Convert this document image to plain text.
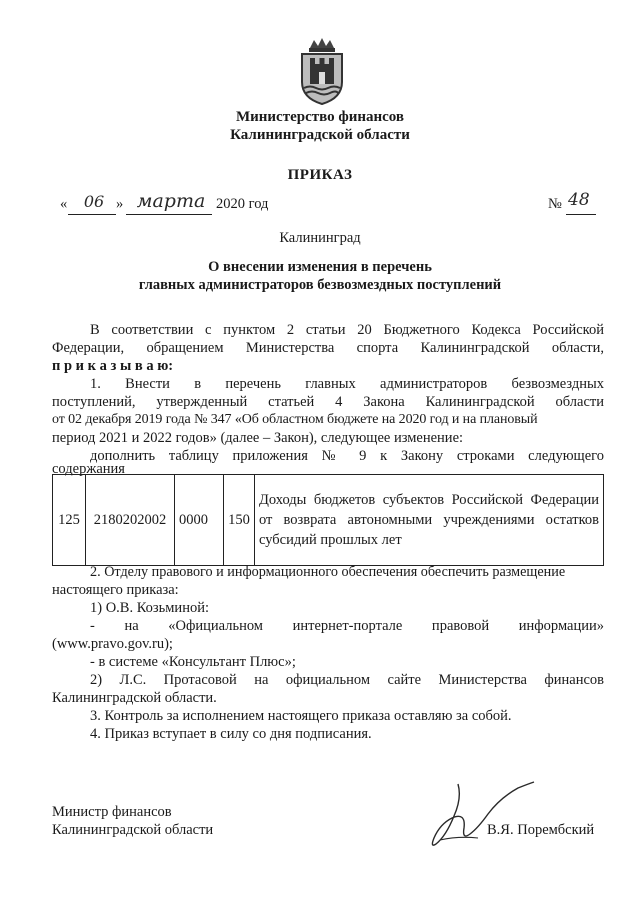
Министерство финансов
Калининградской области
ПРИКАЗ
«	06 » марта 2020 год	№ 48
Калининград
О внесении изменения в перечень
главных администраторов безвозмездных поступлений
В соответствии с пунктом 2 статьи 20 Бюджетного Кодекса Российской
Федерации, обращением Министерства спорта Калининградской области,
п р и к а з ы в а ю:
1. Внести в перечень главных администраторов безвозмездных
поступлений, утвержденный статьей 4 Закона Калининградской области
от 02 декабря 2019 года № 347 «Об областном бюджете на 2020 год и на плановый
период 2021 и 2022 годов» (далее – Закон), следующее изменение:
дополнить таблицу приложения № 9 к Закону строками следующего
содержания
125	2180202002	0000	150	
Доходы бюджетов субъектов Российской Федерации
от возврата автономными учреждениями остатков
субсидий прошлых лет
2. Отделу правового и информационного обеспечения обеспечить размещение
настоящего приказа:
1) О.В. Козьминой:
- на «Официальном интернет-портале правовой информации»
(www.pravo.gov.ru);
- в системе «Консультант Плюс»;
2) Л.С. Протасовой на официальном сайте Министерства финансов
Калининградской области.
3. Контроль за исполнением настоящего приказа оставляю за собой.
4. Приказ вступает в силу со дня подписания.
Министр финансов
Калининградской области	В.Я. Порембский
